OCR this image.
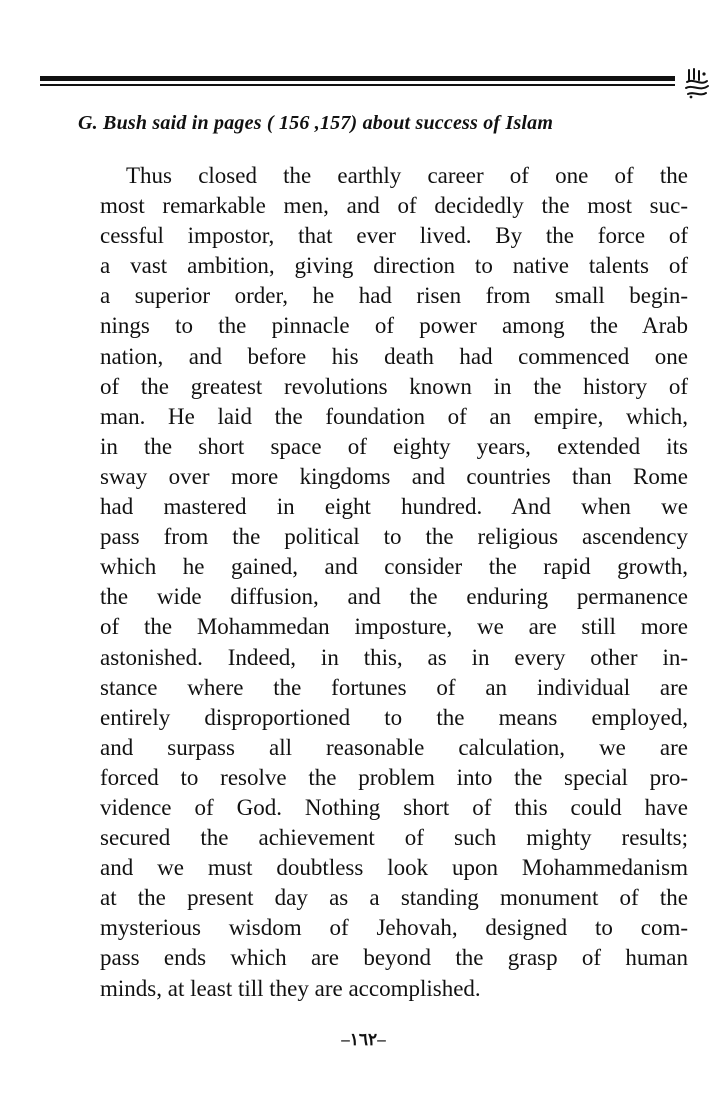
G. Bush said in pages ( 156 ,157) about success of Islam
Thus closed the earthly career of one of the
most remarkable men, and of decidedly the most suc-
cessful impostor, that ever lived. By the force of
a vast ambition, giving direction to native talents of
a superior order, he had risen from small begin-
nings to the pinnacle of power among the Arab
nation, and before his death had commenced one
of the greatest revolutions known in the history of
man. He laid the foundation of an empire, which,
in the short space of eighty years, extended its
sway over more kingdoms and countries than Rome
had mastered in eight hundred. And when we
pass from the political to the religious ascendency
which he gained, and consider the rapid growth,
the wide diffusion, and the enduring permanence
of the Mohammedan imposture, we are still more
astonished. Indeed, in this, as in every other in-
stance where the fortunes of an individual are
entirely disproportioned to the means employed,
and surpass all reasonable calculation, we are
forced to resolve the problem into the special pro-
vidence of God. Nothing short of this could have
secured the achievement of such mighty results;
and we must doubtless look upon Mohammedanism
at the present day as a standing monument of the
mysterious wisdom of Jehovah, designed to com-
pass ends which are beyond the grasp of human
minds, at least till they are accomplished.
–١٦٢–
